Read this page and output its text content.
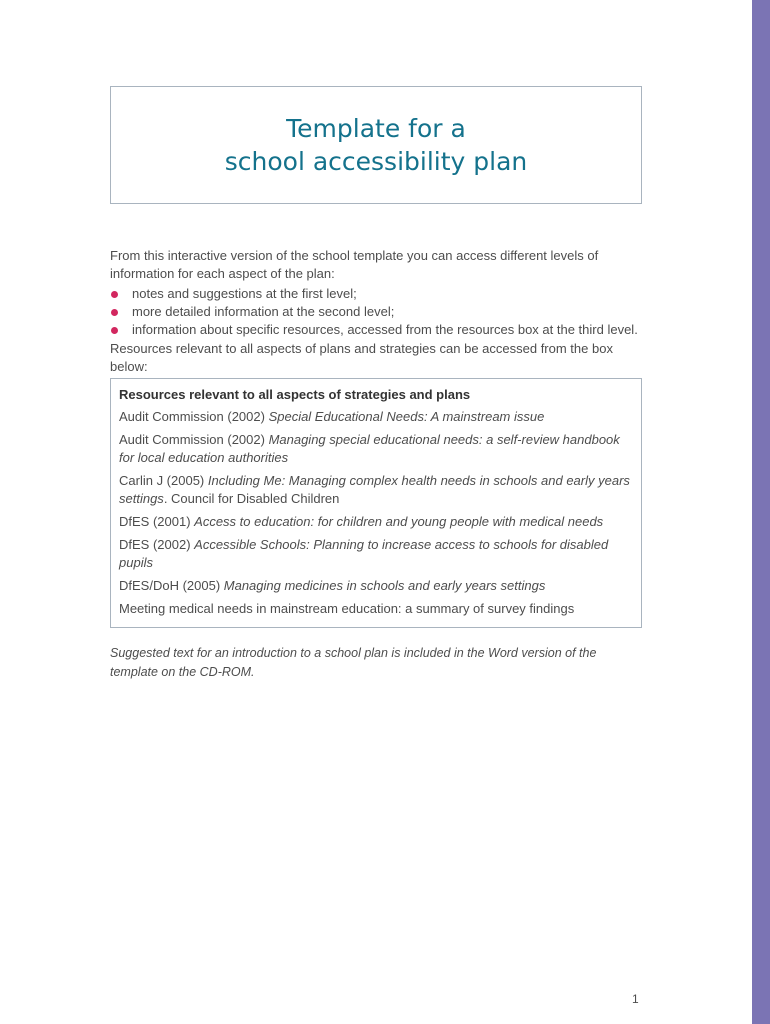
Template for a
school accessibility plan

From this interactive version of the school template you can access different levels of information for each aspect of the plan:

notes and suggestions at the first level;
more detailed information at the second level;
information about specific resources, accessed from the resources box at the third level.

Resources relevant to all aspects of plans and strategies can be accessed from the box below:

Resources relevant to all aspects of strategies and plans
Audit Commission (2002) Special Educational Needs: A mainstream issue
Audit Commission (2002) Managing special educational needs: a self-review handbook for local education authorities
Carlin J (2005) Including Me: Managing complex health needs in schools and early years settings. Council for Disabled Children
DfES (2001) Access to education: for children and young people with medical needs
DfES (2002) Accessible Schools: Planning to increase access to schools for disabled pupils
DfES/DoH (2005) Managing medicines in schools and early years settings
Meeting medical needs in mainstream education: a summary of survey findings

Suggested text for an introduction to a school plan is included in the Word version of the template on the CD-ROM.

1
